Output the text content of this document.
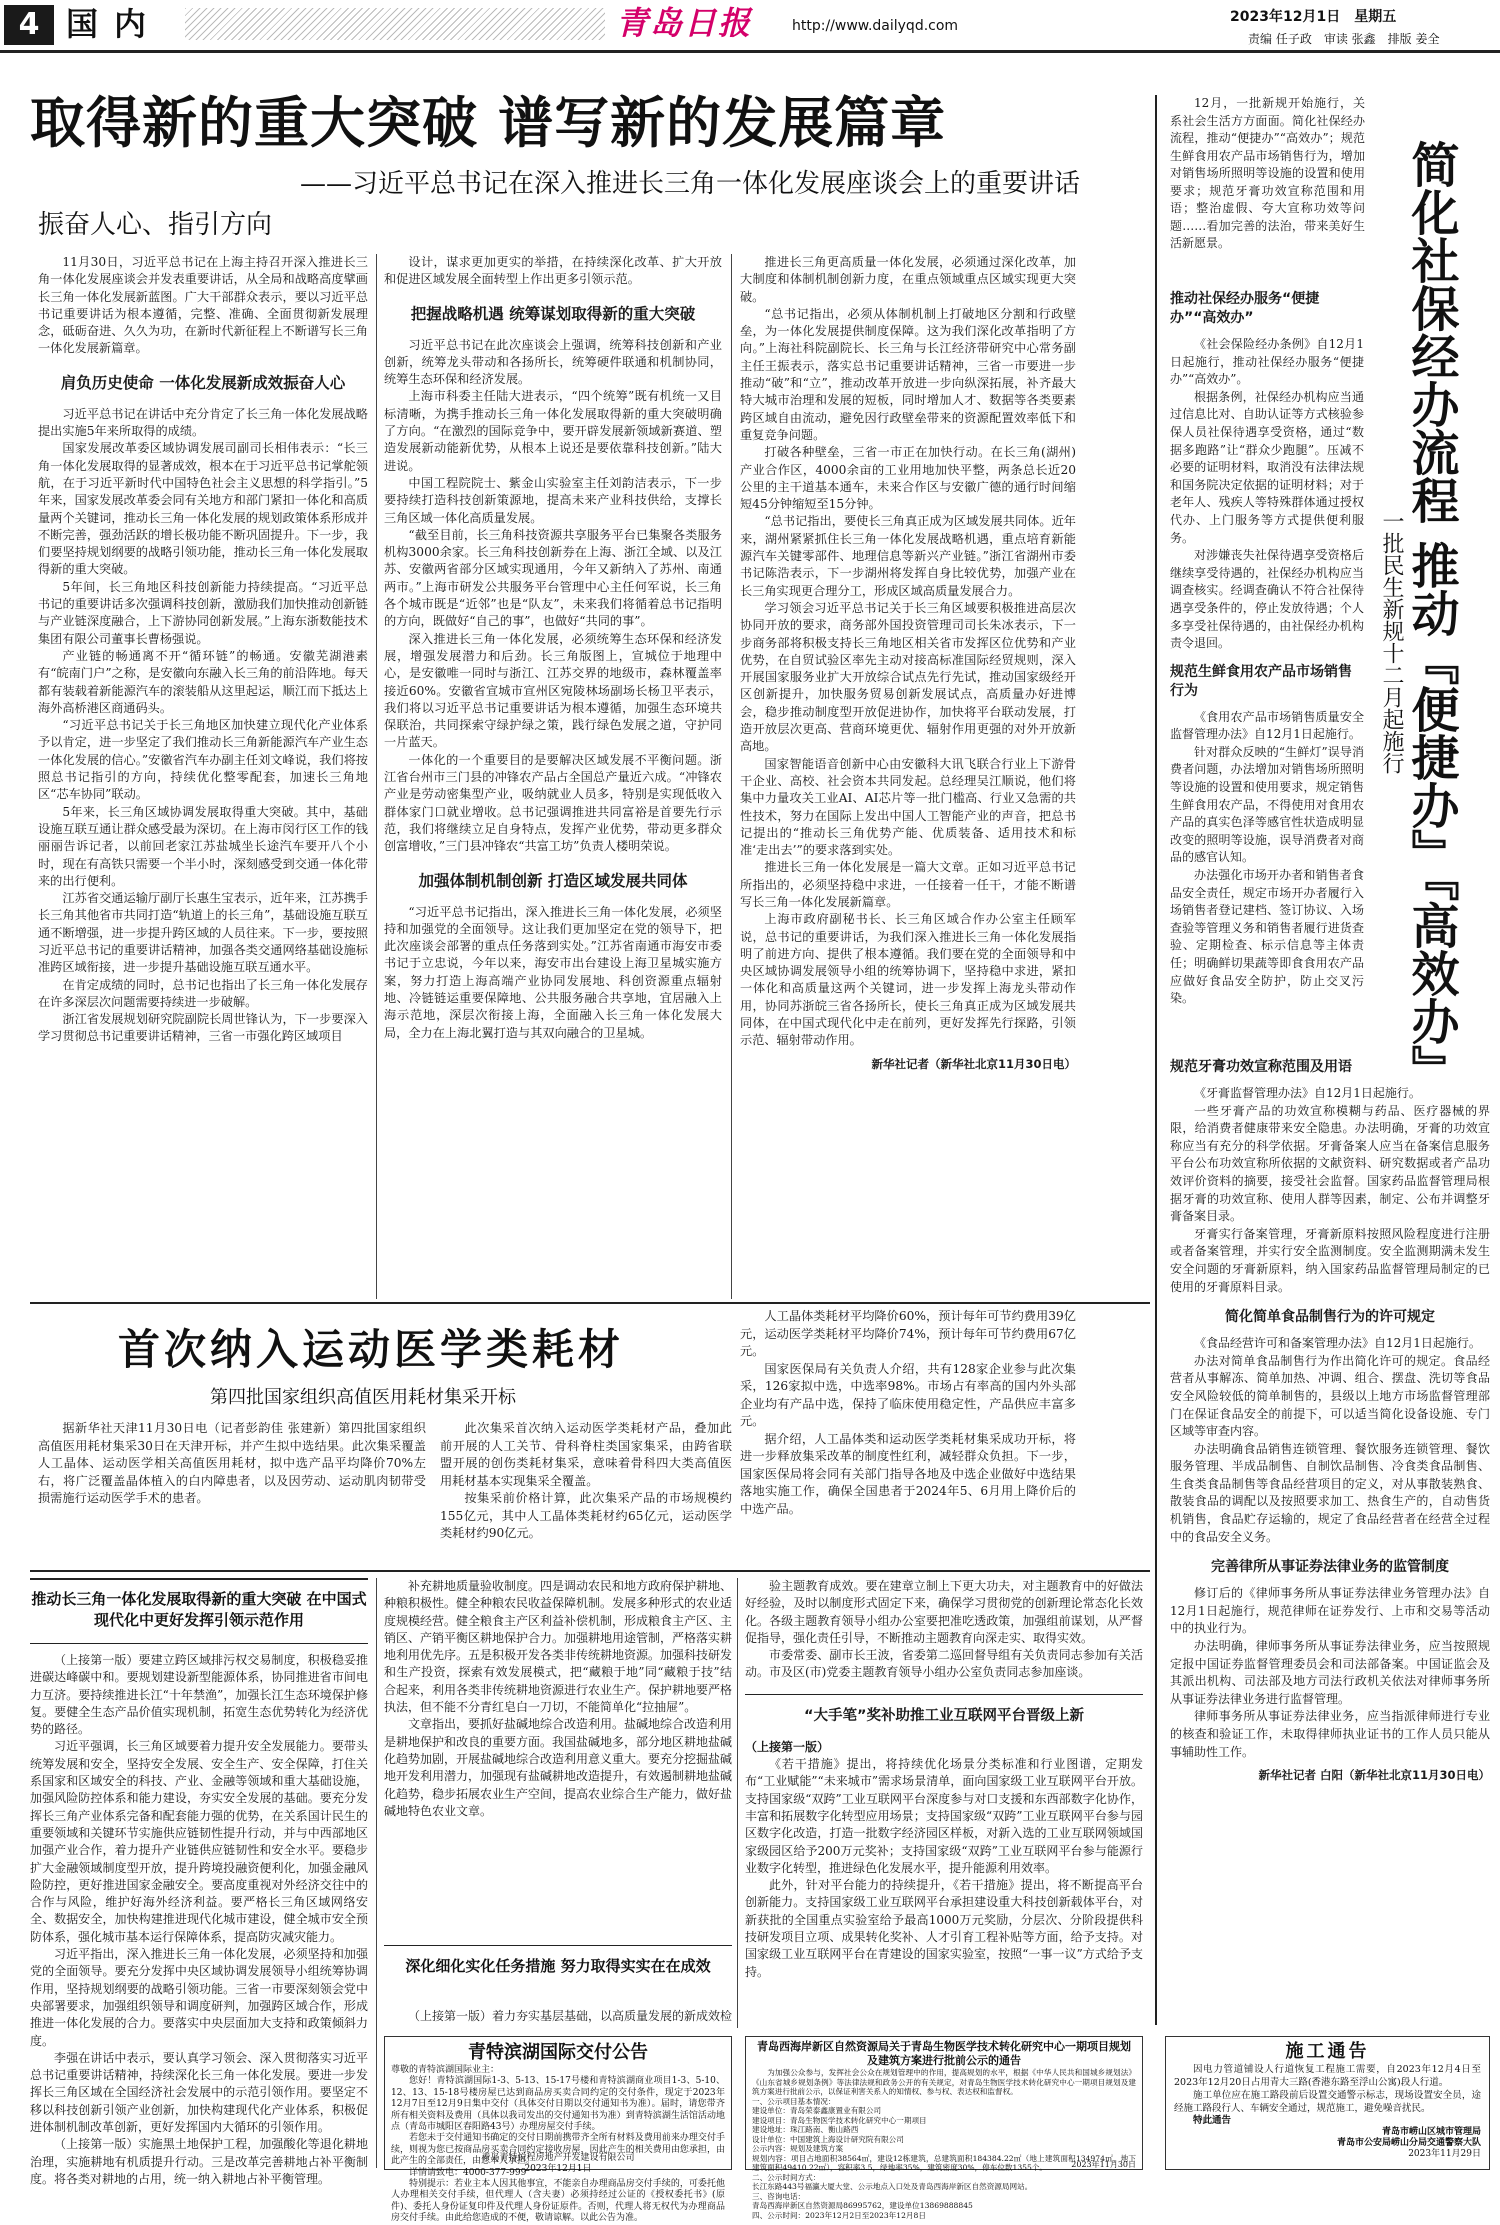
4 国内	青岛日报	http://www.dailyqd.com
2023年12月1日　 星期五
责编 任子政　审读 张鑫　排版 姜全
取得新的重大突破 谱写新的发展篇章
——习近平总书记在深入推进长三角一体化发展座谈会上的重要讲话
振奋人心、指引方向

11月30日，习近平总书记在上海主持召开深入推进长三角一体化发展座谈会并发表重要讲话，从全局和战略高度擘画长三角一体化发展新蓝图。广大干部群众表示，要以习近平总书记重要讲话为根本遵循，完整、准确、全面贯彻新发展理念，砥砺奋进、久久为功，在新时代新征程上不断谱写长三角一体化发展新篇章。

肩负历史使命 一体化发展新成效振奋人心

习近平总书记在讲话中充分肯定了长三角一体化发展战略提出实施5年来所取得的成绩。

国家发展改革委区域协调发展司副司长相伟表示：“长三角一体化发展取得的显著成效，根本在于习近平总书记掌舵领航，在于习近平新时代中国特色社会主义思想的科学指引。”5年来，国家发展改革委会同有关地方和部门紧扣一体化和高质量两个关键词，推动长三角一体化发展的规划政策体系形成并不断完善，强劲活跃的增长极功能不断巩固提升。下一步，我们要坚持规划纲要的战略引领功能，推动长三角一体化发展取得新的重大突破。

5年间，长三角地区科技创新能力持续提高。“习近平总书记的重要讲话多次强调科技创新，激励我们加快推动创新链与产业链深度融合，上下游协同创新发展。”上海东浙数能技术集团有限公司董事长曹杨强说。

产业链的畅通离不开“循环链”的畅通。安徽芜湖港素有“皖南门户”之称，是安徽向东融入长三角的前沿阵地。每天都有装载着新能源汽车的滚装船从这里起运，顺江而下抵达上海外高桥港区商通码头。

“习近平总书记关于长三角地区加快建立现代化产业体系予以肯定，进一步坚定了我们推动长三角新能源汽车产业生态一体化发展的信心。”安徽省汽车办副主任刘文峰说，我们将按照总书记指引的方向，持续优化整零配套，加速长三角地区“芯车协同”联动。

5年来，长三角区域协调发展取得重大突破。其中，基础设施互联互通让群众感受最为深切。在上海市闵行区工作的钱丽丽告诉记者，以前回老家江苏盐城坐长途汽车要开八个小时，现在有高铁只需要一个半小时，深刻感受到交通一体化带来的出行便利。

江苏省交通运输厅副厅长惠生宝表示，近年来，江苏携手长三角其他省市共同打造“轨道上的长三角”，基础设施互联互通不断增强，进一步提升跨区域的人员往来。下一步，要按照习近平总书记的重要讲话精神，加强各类交通网络基础设施标准跨区域衔接，进一步提升基础设施互联互通水平。

在肯定成绩的同时，总书记也指出了长三角一体化发展存在许多深层次问题需要持续进一步破解。

浙江省发展规划研究院副院长周世锋认为，下一步要深入学习贯彻总书记重要讲话精神，三省一市强化跨区域项目

设计，谋求更加更实的举措，在持续深化改革、扩大开放和促进区域发展全面转型上作出更多引领示范。

把握战略机遇 统筹谋划取得新的重大突破

习近平总书记在此次座谈会上强调，统筹科技创新和产业创新，统筹龙头带动和各扬所长，统筹硬件联通和机制协同，统筹生态环保和经济发展。

上海市科委主任陆大进表示，“四个统筹”既有机统一又目标清晰，为携手推动长三角一体化发展取得新的重大突破明确了方向。“在激烈的国际竞争中，要开辟发展新领域新赛道、塑造发展新动能新优势，从根本上说还是要依靠科技创新。”陆大进说。

中国工程院院士、紫金山实验室主任刘韵洁表示，下一步要持续打造科技创新策源地，提高未来产业科技供给，支撑长三角区域一体化高质量发展。

“截至目前，长三角科技资源共享服务平台已集聚各类服务机构3000余家。长三角科技创新券在上海、浙江全域、以及江苏、安徽两省部分区域实现通用，今年又新纳入了苏州、南通两市。”上海市研发公共服务平台管理中心主任何军说，长三角各个城市既是“近邻”也是“队友”，未来我们将循着总书记指明的方向，既做好“自己的事”，也做好“共同的事”。

深入推进长三角一体化发展，必须统筹生态环保和经济发展，增强发展潜力和后劲。长三角版图上，宣城位于地理中心，是安徽唯一同时与浙江、江苏交界的地级市，森林覆盖率接近60%。安徽省宣城市宣州区宛陵林场副场长杨卫平表示，我们将以习近平总书记重要讲话为根本遵循，加强生态环境共保联治，共同探索守绿护绿之策，践行绿色发展之道，守护同一片蓝天。

一体化的一个重要目的是要解决区域发展不平衡问题。浙江省台州市三门县的冲锋农产品占全国总产量近六成。“冲锋农产业是劳动密集型产业，吸纳就业人员多，特别是实现低收入群体家门口就业增收。总书记强调推进共同富裕是首要先行示范，我们将继续立足自身特点，发挥产业优势，带动更多群众创富增收，”三门县冲锋农“共富工坊”负责人楼明荣说。

加强体制机制创新 打造区域发展共同体

“习近平总书记指出，深入推进长三角一体化发展，必须坚持和加强党的全面领导。这让我们更加坚定在党的领导下，把此次座谈会部署的重点任务落到实处。”江苏省南通市海安市委书记于立忠说，今年以来，海安市出台建设上海卫星城实施方案，努力打造上海高端产业协同发展地、科创资源重点辐射地、冷链链运重要保障地、公共服务融合共享地，宜居融入上海示范地，深层次衔接上海，全面融入长三角一体化发展大局，全力在上海北翼打造与其双向融合的卫星城。

推进长三角更高质量一体化发展，必须通过深化改革，加大制度和体制机制创新力度，在重点领域重点区域实现更大突破。

“总书记指出，必须从体制机制上打破地区分割和行政壁垒，为一体化发展提供制度保障。这为我们深化改革指明了方向。”上海社科院副院长、长三角与长江经济带研究中心常务副主任王振表示，落实总书记重要讲话精神，三省一市要进一步推动“破”和“立”，推动改革开放进一步向纵深拓展，补齐最大特大城市治理和发展的短板，同时增加人才、数据等各类要素跨区域自由流动，避免因行政壁垒带来的资源配置效率低下和重复竞争问题。

打破各种壁垒，三省一市正在加快行动。在长三角(湖州)产业合作区，4000余亩的工业用地加快平整，两条总长近20公里的主干道基本通车，未来合作区与安徽广德的通行时间缩短45分钟缩短至15分钟。

“总书记指出，要使长三角真正成为区域发展共同体。近年来，湖州紧紧抓住长三角一体化发展战略机遇，重点培育新能源汽车关键零部件、地理信息等新兴产业链。”浙江省湖州市委书记陈浩表示，下一步湖州将发挥自身比较优势，加强产业在长三角实现更合理分工，形成区域高质量发展合力。

学习领会习近平总书记关于长三角区域要积极推进高层次协同开放的要求，商务部外国投资管理司司长朱冰表示，下一步商务部将积极支持长三角地区相关省市发挥区位优势和产业优势，在自贸试验区率先主动对接高标准国际经贸规则，深入开展国家服务业扩大开放综合试点先行先试，推动国家级经开区创新提升，加快服务贸易创新发展试点，高质量办好进博会，稳步推动制度型开放促进协作，加快将平台联动发展，打造开放层次更高、营商环境更优、辐射作用更强的对外开放新高地。

国家智能语音创新中心由安徽科大讯飞联合行业上下游骨干企业、高校、社会资本共同发起。总经理吴江顺说，他们将集中力量攻关工业AI、AI芯片等一批门槛高、行业又急需的共性技术，努力在国际上发出中国人工智能产业的声音，把总书记提出的“推动长三角优势产能、优质装备、适用技术和标准‘走出去’”的要求落到实处。

推进长三角一体化发展是一篇大文章。正如习近平总书记所指出的，必须坚持稳中求进，一任接着一任干，才能不断谱写长三角一体化发展新篇章。

上海市政府副秘书长、长三角区域合作办公室主任顾军说，总书记的重要讲话，为我们深入推进长三角一体化发展指明了前进方向、提供了根本遵循。我们要在党的全面领导和中央区域协调发展领导小组的统筹协调下，坚持稳中求进，紧扣一体化和高质量这两个关键词，进一步发挥上海龙头带动作用，协同苏浙皖三省各扬所长，使长三角真正成为区域发展共同体，在中国式现代化中走在前列，更好发挥先行探路，引领示范、辐射带动作用。

新华社记者（新华社北京11月30日电）

12月，一批新规开始施行，关系社会生活方方面面。简化社保经办流程，推动“便捷办”“高效办”；规范生鲜食用农产品市场销售行为，增加对销售场所照明等设施的设置和使用要求；规范牙膏功效宣称范围和用语；整治虚假、夸大宣称功效等问题……看加完善的法治，带来美好生活新愿景。	简化社保经办流程 推动『便捷办』『高效办』
一批民生新规十二月起施行
推动社保经办服务“便捷办”“高效办”

《社会保险经办条例》自12月1日起施行，推动社保经办服务“便捷办”“高效办”。

根据条例，社保经办机构应当通过信息比对、自助认证等方式核验参保人员社保待遇享受资格，通过“数据多跑路”让“群众少跑腿”。压减不必要的证明材料，取消没有法律法规和国务院决定依据的证明材料；对于老年人、残疾人等特殊群体通过授权代办、上门服务等方式提供便利服务。

对涉嫌丧失社保待遇享受资格后继续享受待遇的，社保经办机构应当调查核实。经调查确认不符合社保待遇享受条件的，停止发放待遇；个人多享受社保待遇的，由社保经办机构责令退回。

规范生鲜食用农产品市场销售行为

《食用农产品市场销售质量安全监督管理办法》自12月1日起施行。

针对群众反映的“生鲜灯”误导消费者问题，办法增加对销售场所照明等设施的设置和使用要求，规定销售生鲜食用农产品，不得使用对食用农产品的真实色泽等感官性状造成明显改变的照明等设施，误导消费者对商品的感官认知。

办法强化市场开办者和销售者食品安全责任，规定市场开办者履行入场销售者登记建档、签订协议、入场查验等管理义务和销售者履行进货查验、定期检查、标示信息等主体责任；明确鲜切果蔬等即食食用农产品应做好食品安全防护，防止交叉污染。

规范牙膏功效宣称范围及用语

《牙膏监督管理办法》自12月1日起施行。

一些牙膏产品的功效宣称模糊与药品、医疗器械的界限，给消费者健康带来安全隐患。办法明确，牙膏的功效宣称应当有充分的科学依据。牙膏备案人应当在备案信息服务平台公布功效宣称所依据的文献资料、研究数据或者产品功效评价资料的摘要，接受社会监督。国家药品监督管理局根据牙膏的功效宣称、使用人群等因素，制定、公布并调整牙膏备案目录。

牙膏实行备案管理，牙膏新原料按照风险程度进行注册或者备案管理，并实行安全监测制度。安全监测期满未发生安全问题的牙膏新原料，纳入国家药品监督管理局制定的已使用的牙膏原料目录。

简化简单食品制售行为的许可规定

《食品经营许可和备案管理办法》自12月1日起施行。

办法对简单食品制售行为作出简化许可的规定。食品经营者从事解冻、简单加热、冲调、组合、摆盘、洗切等食品安全风险较低的简单制售的，县级以上地方市场监督管理部门在保证食品安全的前提下，可以适当简化设备设施、专门区域等审查内容。

办法明确食品销售连锁管理、餐饮服务连锁管理、餐饮服务管理、半成品制售、自制饮品制售、冷食类食品制售、生食类食品制售等食品经营项目的定义，对从事散装熟食、散装食品的调配以及按照要求加工、热食生产的，自动售货机销售，食品贮存运输的，规定了食品经营者在经营全过程中的食品安全义务。

完善律所从事证券法律业务的监管制度

修订后的《律师事务所从事证券法律业务管理办法》自12月1日起施行，规范律师在证券发行、上市和交易等活动中的执业行为。

办法明确，律师事务所从事证券法律业务，应当按照规定报中国证券监督管理委员会和司法部备案。中国证监会及其派出机构、司法部及地方司法行政机关依法对律师事务所从事证券法律业务进行监督管理。

律师事务所从事证券法律业务，应当指派律师进行专业的核查和验证工作，未取得律师执业证书的工作人员只能从事辅助性工作。

新华社记者 白阳（新华社北京11月30日电）

首次纳入运动医学类耗材
第四批国家组织高值医用耗材集采开标

据新华社天津11月30日电（记者彭韵佳 张建新）第四批国家组织高值医用耗材集采30日在天津开标，并产生拟中选结果。此次集采覆盖人工晶体、运动医学相关高值医用耗材，拟中选产品平均降价70%左右，将广泛覆盖晶体植入的白内障患者，以及因劳动、运动肌肉韧带受损需施行运动医学手术的患者。

此次集采首次纳入运动医学类耗材产品，叠加此前开展的人工关节、骨科脊柱类国家集采，由跨省联盟开展的创伤类耗材集采，意味着骨科四大类高值医用耗材基本实现集采全覆盖。

按集采前价格计算，此次集采产品的市场规模约155亿元，其中人工晶体类耗材约65亿元，运动医学类耗材约90亿元。

人工晶体类耗材平均降价60%，预计每年可节约费用39亿元，运动医学类耗材平均降价74%，预计每年可节约费用67亿元。

国家医保局有关负责人介绍，共有128家企业参与此次集采，126家拟中选，中选率98%。市场占有率高的国内外头部企业均有产品中选，保持了临床使用稳定性，产品供应丰富多元。

据介绍，人工晶体类和运动医学类耗材集采成功开标，将进一步释放集采改革的制度性红利，减轻群众负担。下一步，国家医保局将会同有关部门指导各地及中选企业做好中选结果落地实施工作，确保全国患者于2024年5、6月用上降价后的中选产品。

推动长三角一体化发展取得新的重大突破 在中国式现代化中更好发挥引领示范作用

（上接第一版）要建立跨区域排污权交易制度，积极稳妥推进碳达峰碳中和。要规划建设新型能源体系，协同推进省市间电力互济。要持续推进长江“十年禁渔”，加强长江生态环境保护修复。要健全生态产品价值实现机制，拓宽生态优势转化为经济优势的路径。

习近平强调，长三角区域要着力提升安全发展能力。要带头统筹发展和安全，坚持安全发展、安全生产、安全保障，打住关系国家和区域安全的科技、产业、金融等领域和重大基础设施，加强风险防控体系和能力建设，夯实安全发展的基础。要充分发挥长三角产业体系完备和配套能力强的优势，在关系国计民生的重要领域和关键环节实施供应链韧性提升行动，并与中西部地区加强产业合作，着力提升产业链供应链韧性和安全水平。要稳步扩大金融领域制度型开放，提升跨境投融资便利化，加强金融风险防控，更好推进国家金融安全。要高度重视对外经济交往中的合作与风险，维护好海外经济利益。要严格长三角区域网络安全、数据安全，加快构建推进现代化城市建设，健全城市安全预防体系，强化城市基本运行保障体系，提高防灾减灾能力。

习近平指出，深入推进长三角一体化发展，必须坚持和加强党的全面领导。要充分发挥中央区域协调发展领导小组统筹协调作用，坚持规划纲要的战略引领功能。三省一市要深刻领会党中央部署要求，加强组织领导和调度研判，加强跨区域合作，形成推进一体化发展的合力。要落实中央层面加大支持和政策倾斜力度。

李强在讲话中表示，要认真学习领会、深入贯彻落实习近平总书记重要讲话精神，持续深化长三角一体化发展。要进一步发挥长三角区域在全国经济社会发展中的示范引领作用。要坚定不移以科技创新引领产业创新，加快构建现代化产业体系，积极促进体制机制改革创新，更好发挥国内大循环的引领作用。

（上接第一版）实施黑土地保护工程，加强酸化等退化耕地治理，实施耕地有机质提升行动。三是改革完善耕地占补平衡制度。将各类对耕地的占用，统一纳入耕地占补平衡管理。

补充耕地质量验收制度。四是调动农民和地方政府保护耕地、种粮积极性。健全种粮农民收益保障机制。发展多种形式的农业适度规模经营。健全粮食主产区利益补偿机制，形成粮食主产区、主销区、产销平衡区耕地保护合力。加强耕地用途管制，严格落实耕地利用优先序。五是积极开发各类非传统耕地资源。加强科技研发和生产投资，探索有效发展模式，把“藏粮于地”同“藏粮于技”结合起来，利用各类非传统耕地资源进行农业生产。保护耕地要严格执法，但不能不分青红皂白一刀切，不能简单化“拉抽屉”。

文章指出，要抓好盐碱地综合改造利用。盐碱地综合改造利用是耕地保护和改良的重要方面。我国盐碱地多，部分地区耕地盐碱化趋势加剧，开展盐碱地综合改造利用意义重大。要充分挖掘盐碱地开发利用潜力，加强现有盐碱耕地改造提升，有效遏制耕地盐碱化趋势，稳步拓展农业生产空间，提高农业综合生产能力，做好盐碱地特色农业文章。

深化细化实化任务措施 努力取得实实在在成效

（上接第一版）着力夯实基层基础，以高质量发展的新成效检

验主题教育成效。要在建章立制上下更大功夫，对主题教育中的好做法好经验，及时以制度形式固定下来，确保学习贯彻党的创新理论常态化长效化。各级主题教育领导小组办公室要把准吃透政策，加强组前谋划，从严督促指导，强化责任引导，不断推动主题教育向深走实、取得实效。

市委常委、副市长王波，省委第二巡回督导组有关负责同志参加有关活动。市及区(市)党委主题教育领导小组办公室负责同志参加座谈。

“大手笔”奖补助推工业互联网平台晋级上新

（上接第一版）

《若干措施》提出，将持续优化场景分类标准和行业图谱，定期发布“工业赋能”“未来城市”需求场景清单，面向国家级工业互联网平台开放。支持国家级“双跨”工业互联网平台深度参与对口支援和东西部数字化协作，丰富和拓展数字化转型应用场景；支持国家级“双跨”工业互联网平台参与园区数字化改造，打造一批数字经济园区样板，对新入选的工业互联网领域国家级园区给予200万元奖补；支持国家级“双跨”工业互联网平台参与能源行业数字化转型，推进绿色化发展水平，提升能源利用效率。

此外，针对平台能力的持续提升，《若干措施》提出，将不断提高平台创新能力。支持国家级工业互联网平台承担建设重大科技创新载体平台，对新获批的全国重点实验室给予最高1000万元奖励，分层次、分阶段提供科技研发项目立项、成果转化奖补、人才引育工程补贴等方面，给予支持。对国家级工业互联网平台在青建设的国家实验室，按照“一事一议”方式给予支持。

青特滨湖国际交付公告

尊敬的青特滨湖国际业主：

您好！青特滨湖国际1-3、5-13、15-17号楼和青特滨湖商业项目1-3、5-10、12、13、15-18号楼房屋已达到商品房买卖合同约定的交付条件，现定于2023年12月7日至12月9日集中交付（具体交付日期以交付通知书为准）。届时，请您带齐所有相关资料及费用（具体以我司发出的交付通知书为准）到青特滨湖生活馆活动地点（青岛市城阳区春阳路43号）办理房屋交付手续。

若您未于交付通知书确定的交付日期前携带齐全所有材料及费用前来办理交付手续，则视为您已按商品房买卖合同约定接收房屋，因此产生的相关费用由您承担，由此产生的全部责任，由您本人承担。

详情请致电：4000-377-999

特别提示：若业主本人因其他事宜，不能亲自办理商品房交付手续的，可委托他人办理相关交付手续，但代理人（含夫妻）必须持经过公证的《授权委托书》(原件)、委托人身份证复印件及代理人身份证原件。否则，代理人将无权代为办理商品房交付手续。由此给您造成的不便，敬请谅解。以此公告为准。

青岛青特悦程房地产开发建设有限公司
2023年12月1日
青岛西海岸新区自然资源局关于青岛生物医学技术转化研究中心一期项目规划及建筑方案进行批前公示的通告

为加强公众参与，发挥社会公众在规划管理中的作用，提高规划的水平，根据《中华人民共和国城乡规划法》《山东省城乡规划条例》等法律法规和政务公开的有关规定，对青岛生物医学技术转化研究中心一期项目规划及建筑方案进行批前公示，以保证利害关系人的知情权、参与权、表达权和监督权。

一、公示项目基本情况：

建设单位：青岛荣泰鑫康置业有限公司

建设项目：青岛生物医学技术转化研究中心一期项目

建设地址：珠江路南、衡山路西

设计单位：中国建筑上海设计研究院有限公司

公示内容：规划及建筑方案

规划内容：项目占地面积38564㎡，建设12栋建筑，总建筑面积184384.22㎡（地上建筑面积134974㎡，地下建筑面积49410.22㎡），容积率3.5，绿地率35%，建筑密度30%，停车位数1355个。

二、公示时间方式：

长江东路443号福瀛大厦大堂、公示地点入口处及青岛西海岸新区自然资源局网站。

三、咨询电话：

青岛西海岸新区自然资源局86995762，建设单位13869888845

四、公示时间：2023年12月2日至2023年12月8日

2023年11月30日
施工通告

因电力管道铺设人行道恢复工程施工需要，自2023年12月4日至2023年12月20日占用青大三路(香港东路至浮山公寓)段人行道。

施工单位应在施工路段前后设置交通警示标志，现场设置安全员，途经施工路段行人、车辆安全通过，规范施工，避免噪音扰民。

特此通告
青岛市崂山区城市管理局
青岛市公安局崂山分局交通警察大队
2023年11月29日
